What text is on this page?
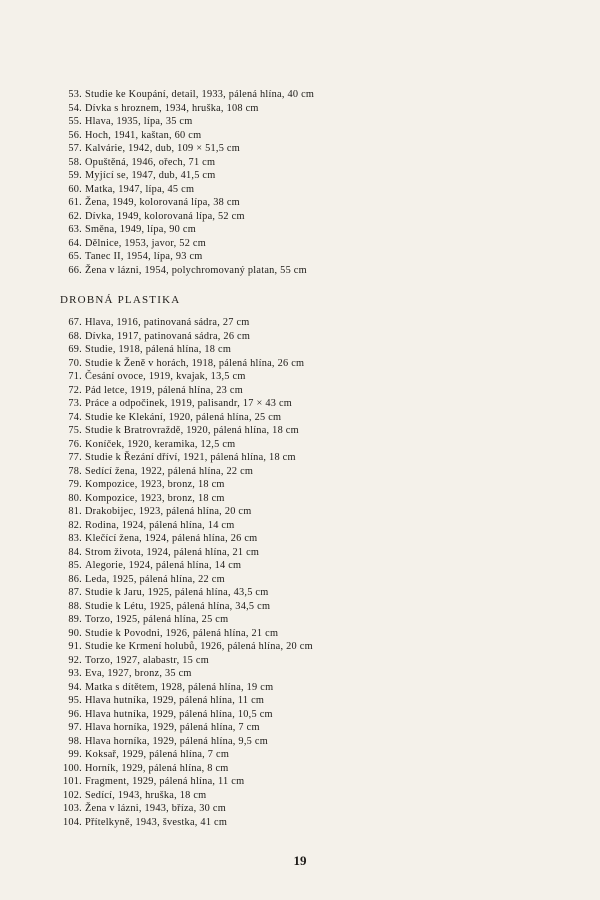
53. Studie ke Koupání, detail, 1933, pálená hlína, 40 cm
54. Dívka s hroznem, 1934, hruška, 108 cm
55. Hlava, 1935, lípa, 35 cm
56. Hoch, 1941, kaštan, 60 cm
57. Kalvárie, 1942, dub, 109 × 51,5 cm
58. Opuštěná, 1946, ořech, 71 cm
59. Myjící se, 1947, dub, 41,5 cm
60. Matka, 1947, lípa, 45 cm
61. Žena, 1949, kolorovaná lípa, 38 cm
62. Dívka, 1949, kolorovaná lípa, 52 cm
63. Směna, 1949, lípa, 90 cm
64. Dělnice, 1953, javor, 52 cm
65. Tanec II, 1954, lípa, 93 cm
66. Žena v lázni, 1954, polychromovaný platan, 55 cm
DROBNÁ PLASTIKA
67. Hlava, 1916, patinovaná sádra, 27 cm
68. Dívka, 1917, patinovaná sádra, 26 cm
69. Studie, 1918, pálená hlína, 18 cm
70. Studie k Ženě v horách, 1918, pálená hlína, 26 cm
71. Česání ovoce, 1919, kvajak, 13,5 cm
72. Pád letce, 1919, pálená hlína, 23 cm
73. Práce a odpočinek, 1919, palisandr, 17 × 43 cm
74. Studie ke Klekání, 1920, pálená hlína, 25 cm
75. Studie k Bratrovraždě, 1920, pálená hlína, 18 cm
76. Koníček, 1920, keramika, 12,5 cm
77. Studie k Řezání dříví, 1921, pálená hlína, 18 cm
78. Sedící žena, 1922, pálená hlína, 22 cm
79. Kompozice, 1923, bronz, 18 cm
80. Kompozice, 1923, bronz, 18 cm
81. Drakobijec, 1923, pálená hlína, 20 cm
82. Rodina, 1924, pálená hlína, 14 cm
83. Klečící žena, 1924, pálená hlína, 26 cm
84. Strom života, 1924, pálená hlína, 21 cm
85. Alegorie, 1924, pálená hlína, 14 cm
86. Leda, 1925, pálená hlína, 22 cm
87. Studie k Jaru, 1925, pálená hlína, 43,5 cm
88. Studie k Létu, 1925, pálená hlína, 34,5 cm
89. Torzo, 1925, pálená hlína, 25 cm
90. Studie k Povodni, 1926, pálená hlína, 21 cm
91. Studie ke Krmení holubů, 1926, pálená hlína, 20 cm
92. Torzo, 1927, alabastr, 15 cm
93. Eva, 1927, bronz, 35 cm
94. Matka s dítětem, 1928, pálená hlína, 19 cm
95. Hlava hutníka, 1929, pálená hlína, 11 cm
96. Hlava hutníka, 1929, pálená hlína, 10,5 cm
97. Hlava horníka, 1929, pálená hlína, 7 cm
98. Hlava horníka, 1929, pálená hlína, 9,5 cm
99. Koksař, 1929, pálená hlína, 7 cm
100. Horník, 1929, pálená hlína, 8 cm
101. Fragment, 1929, pálená hlína, 11 cm
102. Sedící, 1943, hruška, 18 cm
103. Žena v lázni, 1943, bříza, 30 cm
104. Přítelkyně, 1943, švestka, 41 cm
19
